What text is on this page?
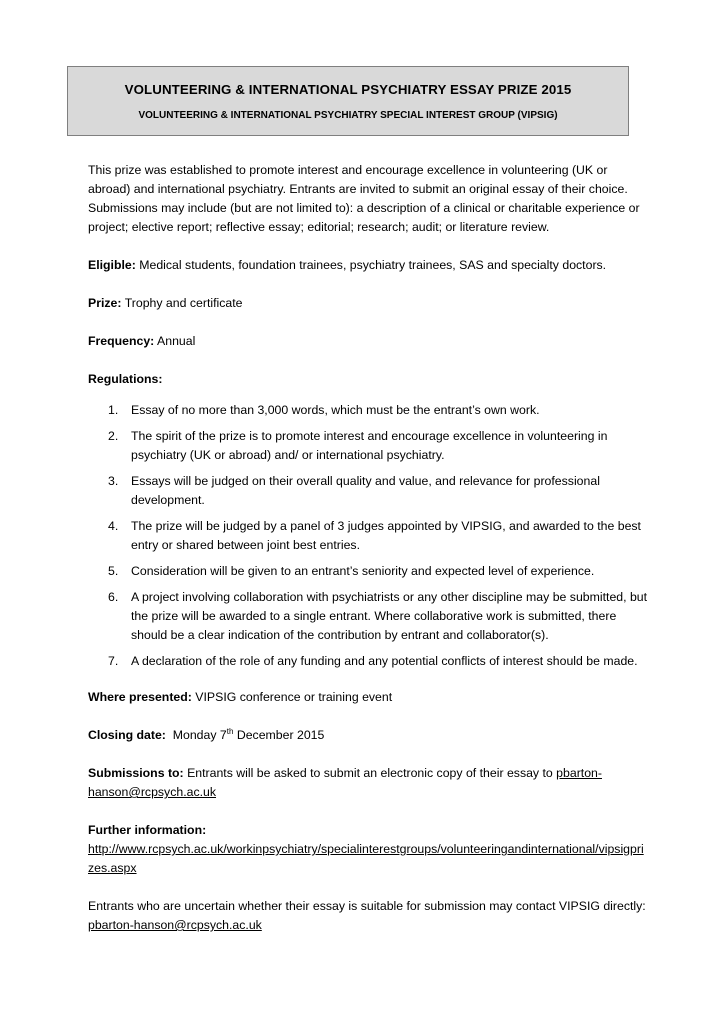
VOLUNTEERING & INTERNATIONAL PSYCHIATRY ESSAY PRIZE 2015
VOLUNTEERING & INTERNATIONAL PSYCHIATRY SPECIAL INTEREST GROUP (VIPSIG)

This prize was established to promote interest and encourage excellence in volunteering (UK or abroad) and international psychiatry. Entrants are invited to submit an original essay of their choice. Submissions may include (but are not limited to): a description of a clinical or charitable experience or project; elective report; reflective essay; editorial; research; audit; or literature review.

Eligible: Medical students, foundation trainees, psychiatry trainees, SAS and specialty doctors.

Prize: Trophy and certificate

Frequency: Annual

Regulations:

1. Essay of no more than 3,000 words, which must be the entrant’s own work.
2. The spirit of the prize is to promote interest and encourage excellence in volunteering in psychiatry (UK or abroad) and/ or international psychiatry.
3. Essays will be judged on their overall quality and value, and relevance for professional development.
4. The prize will be judged by a panel of 3 judges appointed by VIPSIG, and awarded to the best entry or shared between joint best entries.
5. Consideration will be given to an entrant’s seniority and expected level of experience.
6. A project involving collaboration with psychiatrists or any other discipline may be submitted, but the prize will be awarded to a single entrant. Where collaborative work is submitted, there should be a clear indication of the contribution by entrant and collaborator(s).
7. A declaration of the role of any funding and any potential conflicts of interest should be made.

Where presented: VIPSIG conference or training event

Closing date: Monday 7th December 2015

Submissions to: Entrants will be asked to submit an electronic copy of their essay to pbarton-hanson@rcpsych.ac.uk

Further information:
http://www.rcpsych.ac.uk/workinpsychiatry/specialinterestgroups/volunteeringandinternational/vipsigprizes.aspx

Entrants who are uncertain whether their essay is suitable for submission may contact VIPSIG directly: pbarton-hanson@rcpsych.ac.uk
